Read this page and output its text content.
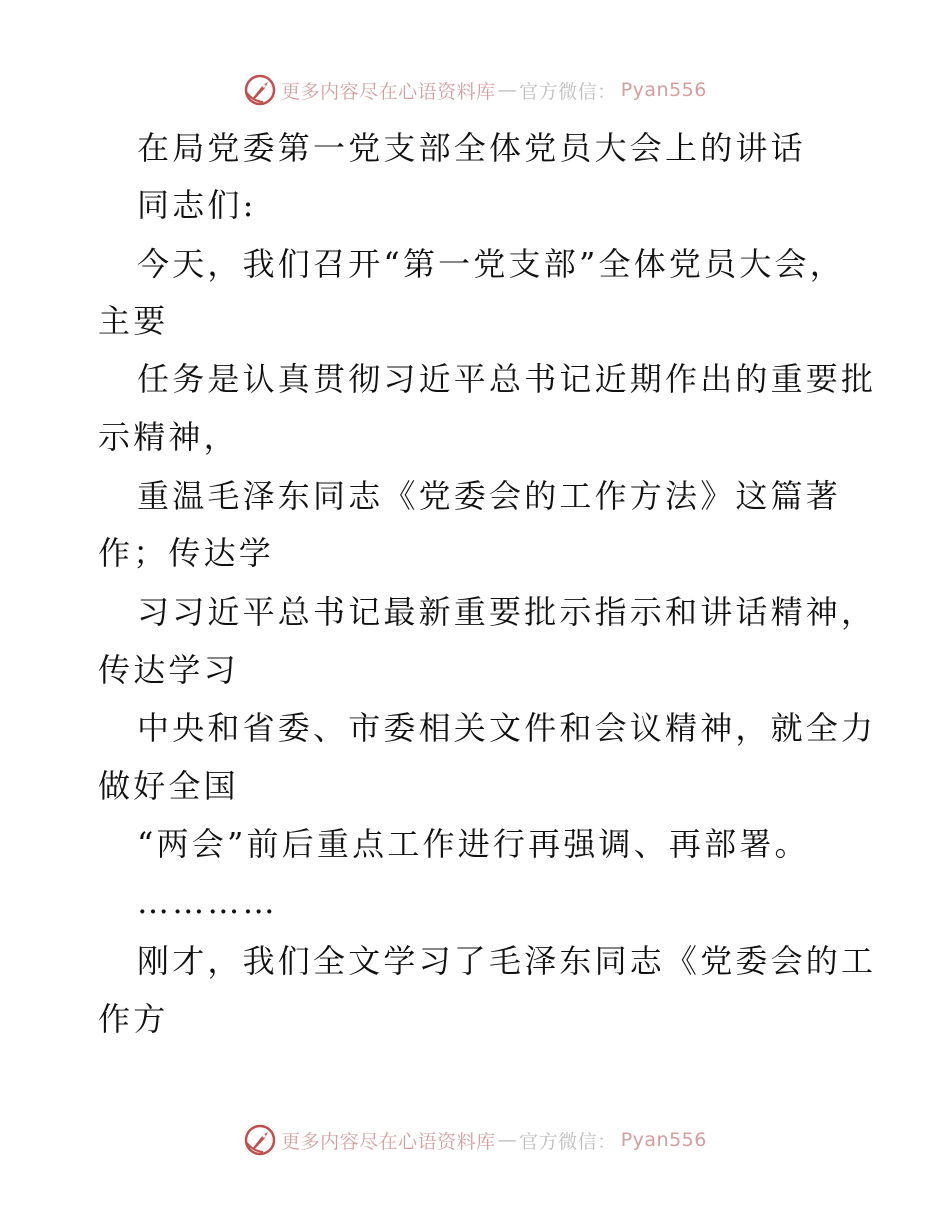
更多内容尽在心语资料库 — 官方微信： Pyan556
在局党委第一党支部全体党员大会上的讲话
同志们:
今天，我们召开“第一党支部”全体党员大会，
主要
任务是认真贯彻习近平总书记近期作出的重要批
示精神，
重温毛泽东同志《党委会的工作方法》这篇著
作；传达学
习习近平总书记最新重要批示指示和讲话精神，
传达学习
中央和省委、市委相关文件和会议精神，就全力
做好全国
“两会”前后重点工作进行再强调、再部署。
…………
刚才，我们全文学习了毛泽东同志《党委会的工
作方
更多内容尽在心语资料库 — 官方微信： Pyan556
